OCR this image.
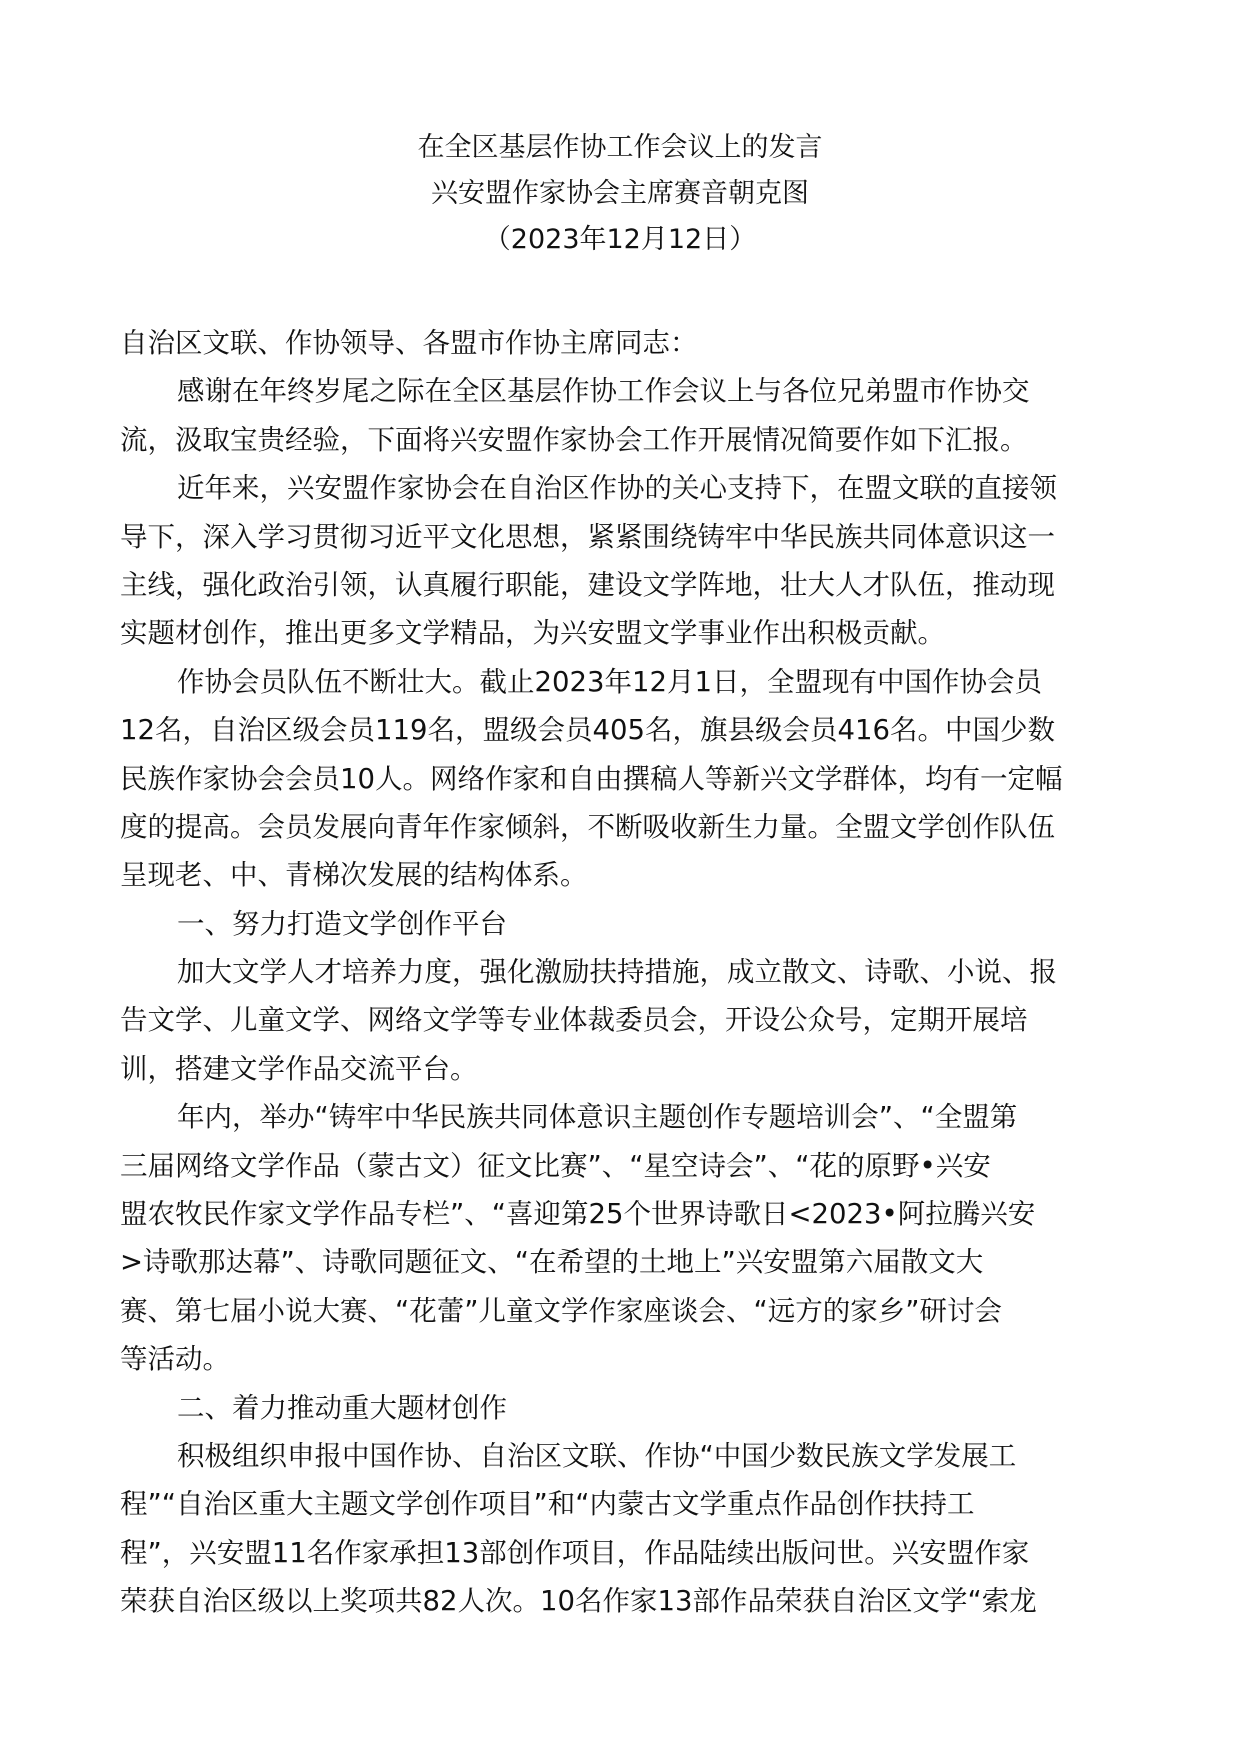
在全区基层作协工作会议上的发言
兴安盟作家协会主席赛音朝克图
（2023年12月12日）
自治区文联、作协领导、各盟市作协主席同志：
感谢在年终岁尾之际在全区基层作协工作会议上与各位兄弟盟市作协交
流，汲取宝贵经验，下面将兴安盟作家协会工作开展情况简要作如下汇报。
近年来，兴安盟作家协会在自治区作协的关心支持下，在盟文联的直接领
导下，深入学习贯彻习近平文化思想，紧紧围绕铸牢中华民族共同体意识这一
主线，强化政治引领，认真履行职能，建设文学阵地，壮大人才队伍，推动现
实题材创作，推出更多文学精品，为兴安盟文学事业作出积极贡献。
作协会员队伍不断壮大。截止2023年12月1日，全盟现有中国作协会员
12名，自治区级会员119名，盟级会员405名，旗县级会员416名。中国少数
民族作家协会会员10人。网络作家和自由撰稿人等新兴文学群体，均有一定幅
度的提高。会员发展向青年作家倾斜，不断吸收新生力量。全盟文学创作队伍
呈现老、中、青梯次发展的结构体系。
一、努力打造文学创作平台
加大文学人才培养力度，强化激励扶持措施，成立散文、诗歌、小说、报
告文学、儿童文学、网络文学等专业体裁委员会，开设公众号，定期开展培
训，搭建文学作品交流平台。
年内，举办“铸牢中华民族共同体意识主题创作专题培训会”、“全盟第
三届网络文学作品（蒙古文）征文比赛”、“星空诗会”、“花的原野•兴安
盟农牧民作家文学作品专栏”、“喜迎第25个世界诗歌日<2023•阿拉腾兴安
>诗歌那达幕”、诗歌同题征文、“在希望的土地上”兴安盟第六届散文大
赛、第七届小说大赛、“花蕾”儿童文学作家座谈会、“远方的家乡”研讨会
等活动。
二、着力推动重大题材创作
积极组织申报中国作协、自治区文联、作协“中国少数民族文学发展工
程”“自治区重大主题文学创作项目”和“内蒙古文学重点作品创作扶持工
程”，兴安盟11名作家承担13部创作项目，作品陆续出版问世。兴安盟作家
荣获自治区级以上奖项共82人次。10名作家13部作品荣获自治区文学“索龙
